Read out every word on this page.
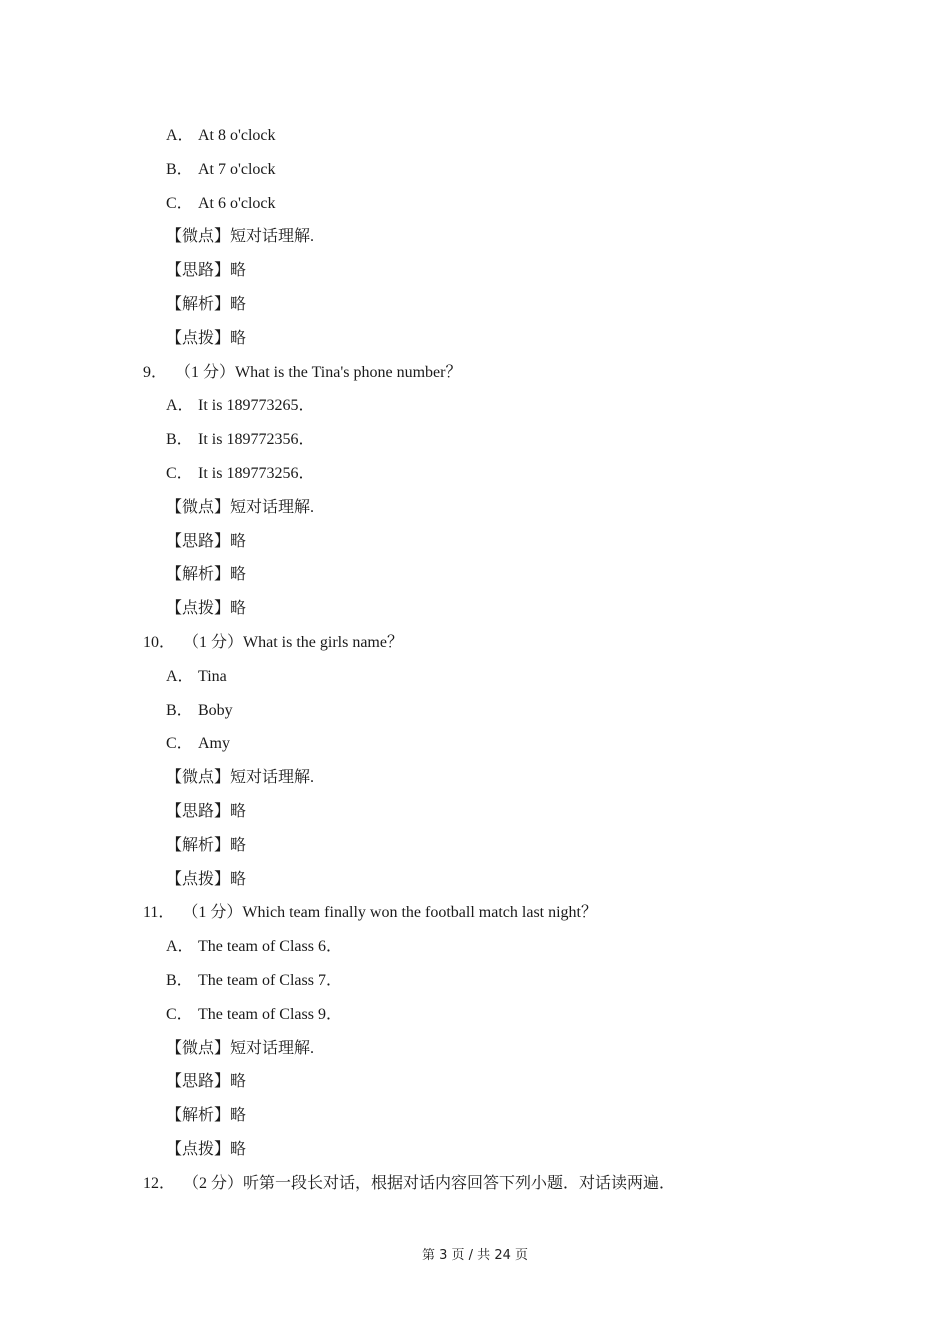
A． At 8 o'clock
B． At 7 o'clock
C． At 6 o'clock
【微点】短对话理解.
【思路】略
【解析】略
【点拨】略
9． （1 分）What is the Tina's phone number？
A． It is 189773265．
B． It is 189772356．
C． It is 189773256．
【微点】短对话理解.
【思路】略
【解析】略
【点拨】略
10． （1 分）What is the girls name？
A． Tina
B． Boby
C． Amy
【微点】短对话理解.
【思路】略
【解析】略
【点拨】略
11． （1 分）Which team finally won the football match last night？
A． The team of Class 6．
B． The team of Class 7．
C． The team of Class 9．
【微点】短对话理解.
【思路】略
【解析】略
【点拨】略
12． （2 分）听第一段长对话，根据对话内容回答下列小题．对话读两遍．
第 3 页 / 共 24 页
